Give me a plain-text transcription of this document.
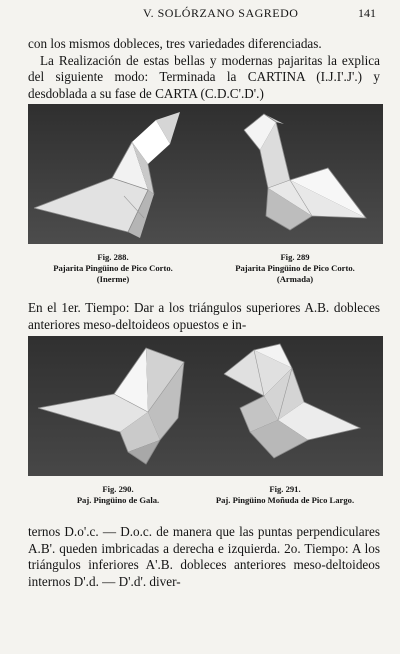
V. SOLÓRZANO SAGREDO	141

con los mismos dobleces, tres variedades diferenciadas.

La Realización de estas bellas y modernas pajaritas la explica del siguiente modo: Terminada la CARTINA (I.J.I'.J'.) y desdoblada a su fase de CARTA (C.D.C'.D'.)

Fig. 288.
Pajarita Pingüino de Pico Corto.
(Inerme)
Fig. 289
Pajarita Pingüino de Pico Corto.
(Armada)
En el 1er. Tiempo: Dar a los triángulos superiores A.B. dobleces anteriores meso-deltoideos opuestos e in-
Fig. 290.
Paj. Pingüino de Gala.
Fig. 291.
Paj. Pingüino Moñuda de Pico Largo.
ternos D.o'.c. — D.o.c. de manera que las puntas perpendiculares A.B'. queden imbricadas a derecha e izquierda. 2o. Tiempo: A los triángulos inferiores A'.B. dobleces anteriores meso-deltoideos internos D'.d. — D'.d'. diver-
